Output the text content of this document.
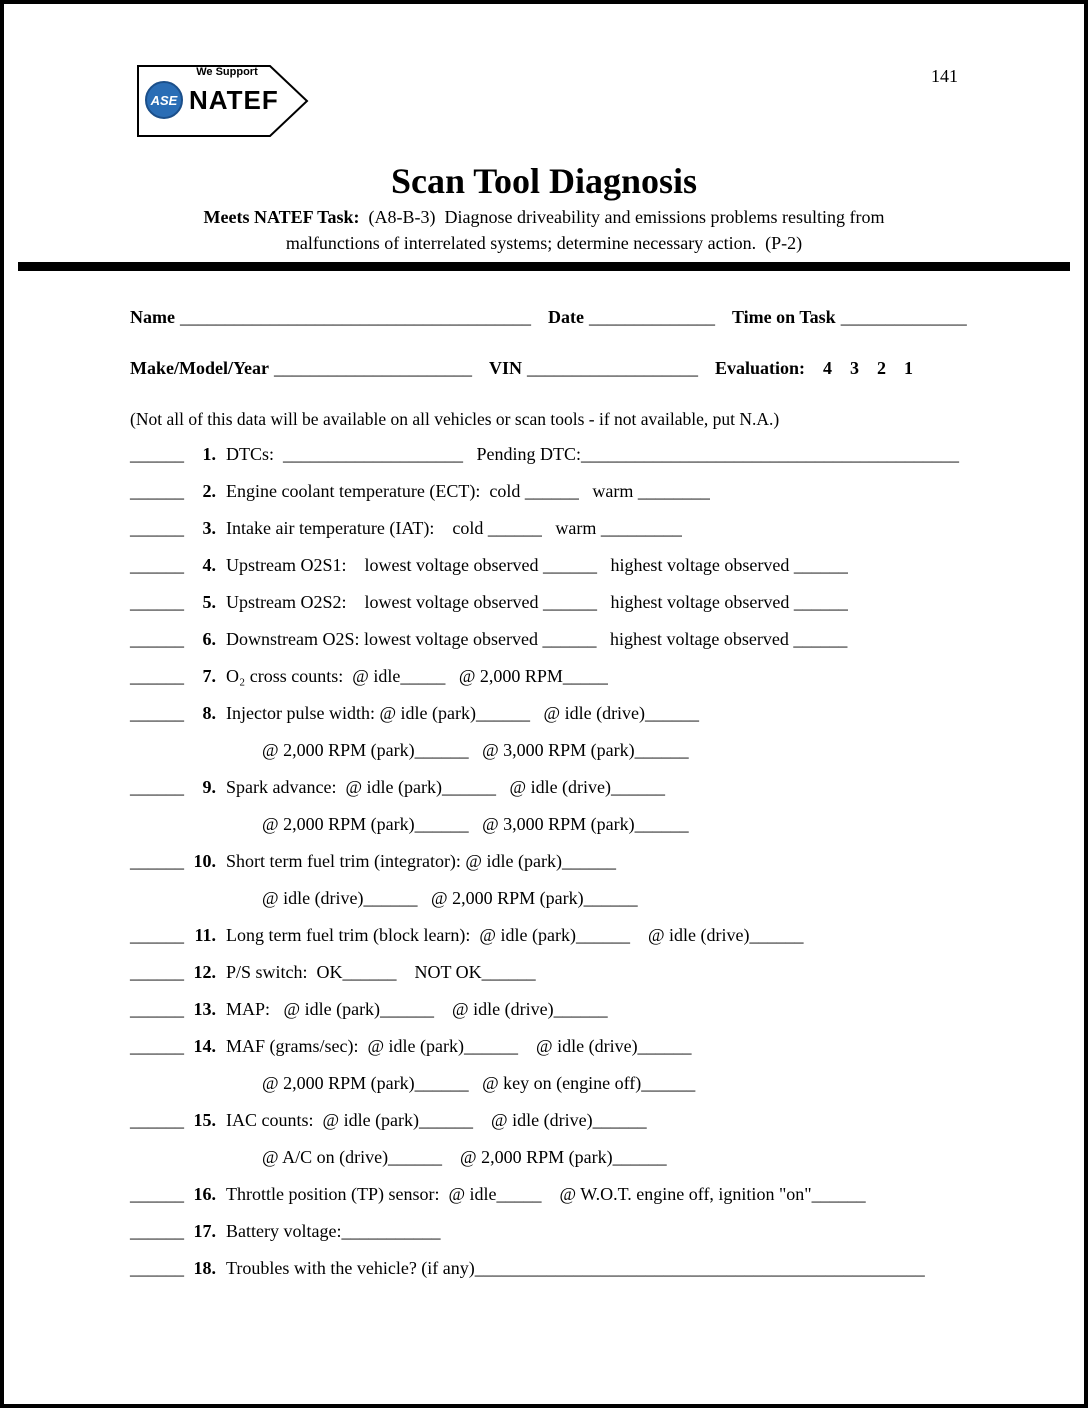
We Support
ASE NATEF
141
Scan Tool Diagnosis
Meets NATEF Task:  (A8-B-3)  Diagnose driveability and emissions problems resulting from
malfunctions of interrelated systems; determine necessary action.  (P-2)
Name _______________________________________ Date ______________ Time on Task ______________
Make/Model/Year ______________________ VIN ___________________ Evaluation: 4    3    2    1
(Not all of this data will be available on all vehicles or scan tools - if not available, put N.A.)
______ 1. DTCs:  ____________________   Pending DTC:__________________________________________
______ 2. Engine coolant temperature (ECT):  cold ______   warm ________
______ 3. Intake air temperature (IAT):    cold ______   warm _________
______ 4. Upstream O2S1:    lowest voltage observed ______   highest voltage observed ______
______ 5. Upstream O2S2:    lowest voltage observed ______   highest voltage observed ______
______ 6. Downstream O2S: lowest voltage observed ______   highest voltage observed ______
______ 7. O₂ cross counts:  @ idle_____   @ 2,000 RPM_____
______ 8. Injector pulse width: @ idle (park)______   @ idle (drive)______
@ 2,000 RPM (park)______   @ 3,000 RPM (park)______
______ 9. Spark advance:  @ idle (park)______   @ idle (drive)______
@ 2,000 RPM (park)______   @ 3,000 RPM (park)______
______ 10. Short term fuel trim (integrator): @ idle (park)______
@ idle (drive)______   @ 2,000 RPM (park)______
______ 11. Long term fuel trim (block learn):  @ idle (park)______    @ idle (drive)______
______ 12. P/S switch:  OK______    NOT OK______
______ 13. MAP:   @ idle (park)______    @ idle (drive)______
______ 14. MAF (grams/sec):  @ idle (park)______    @ idle (drive)______
@ 2,000 RPM (park)______   @ key on (engine off)______
______ 15. IAC counts:  @ idle (park)______    @ idle (drive)______
@ A/C on (drive)______    @ 2,000 RPM (park)______
______ 16. Throttle position (TP) sensor:  @ idle_____    @ W.O.T. engine off, ignition "on"______
______ 17. Battery voltage:___________
______ 18. Troubles with the vehicle? (if any)__________________________________________________
